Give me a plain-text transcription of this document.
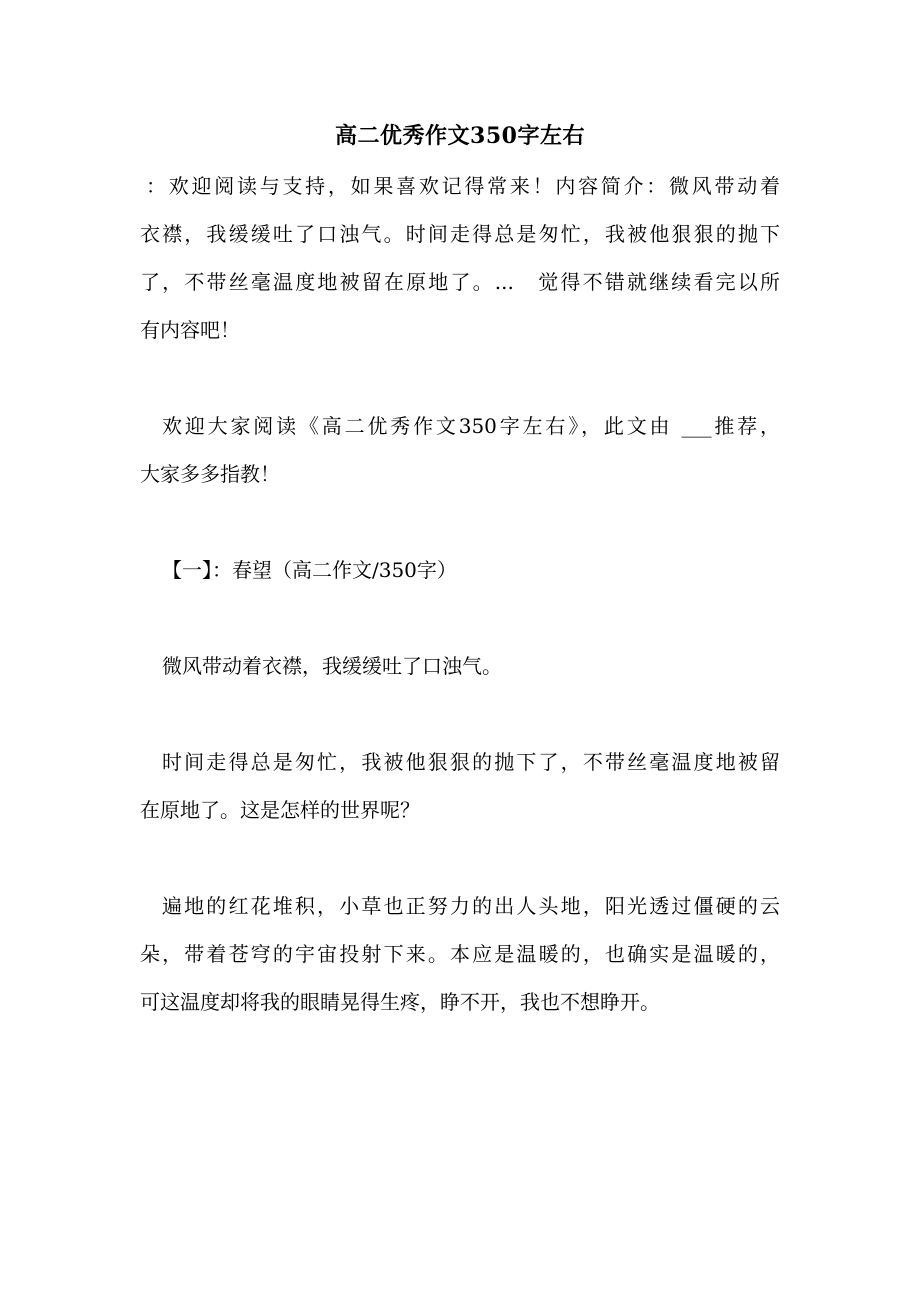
高二优秀作文350字左右
：欢迎阅读与支持，如果喜欢记得常来！内容简介：微风带动着
衣襟，我缓缓吐了口浊气。时间走得总是匆忙，我被他狠狠的抛下
了，不带丝毫温度地被留在原地了。...　觉得不错就继续看完以所
有内容吧！
欢迎大家阅读《高二优秀作文350字左右》，此文由 ___推荐，
大家多多指教！
【一】：春望（高二作文/350字）
微风带动着衣襟，我缓缓吐了口浊气。
时间走得总是匆忙，我被他狠狠的抛下了，不带丝毫温度地被留
在原地了。这是怎样的世界呢？
遍地的红花堆积，小草也正努力的出人头地，阳光透过僵硬的云
朵，带着苍穹的宇宙投射下来。本应是温暖的，也确实是温暖的，
可这温度却将我的眼睛晃得生疼，睁不开，我也不想睁开。
